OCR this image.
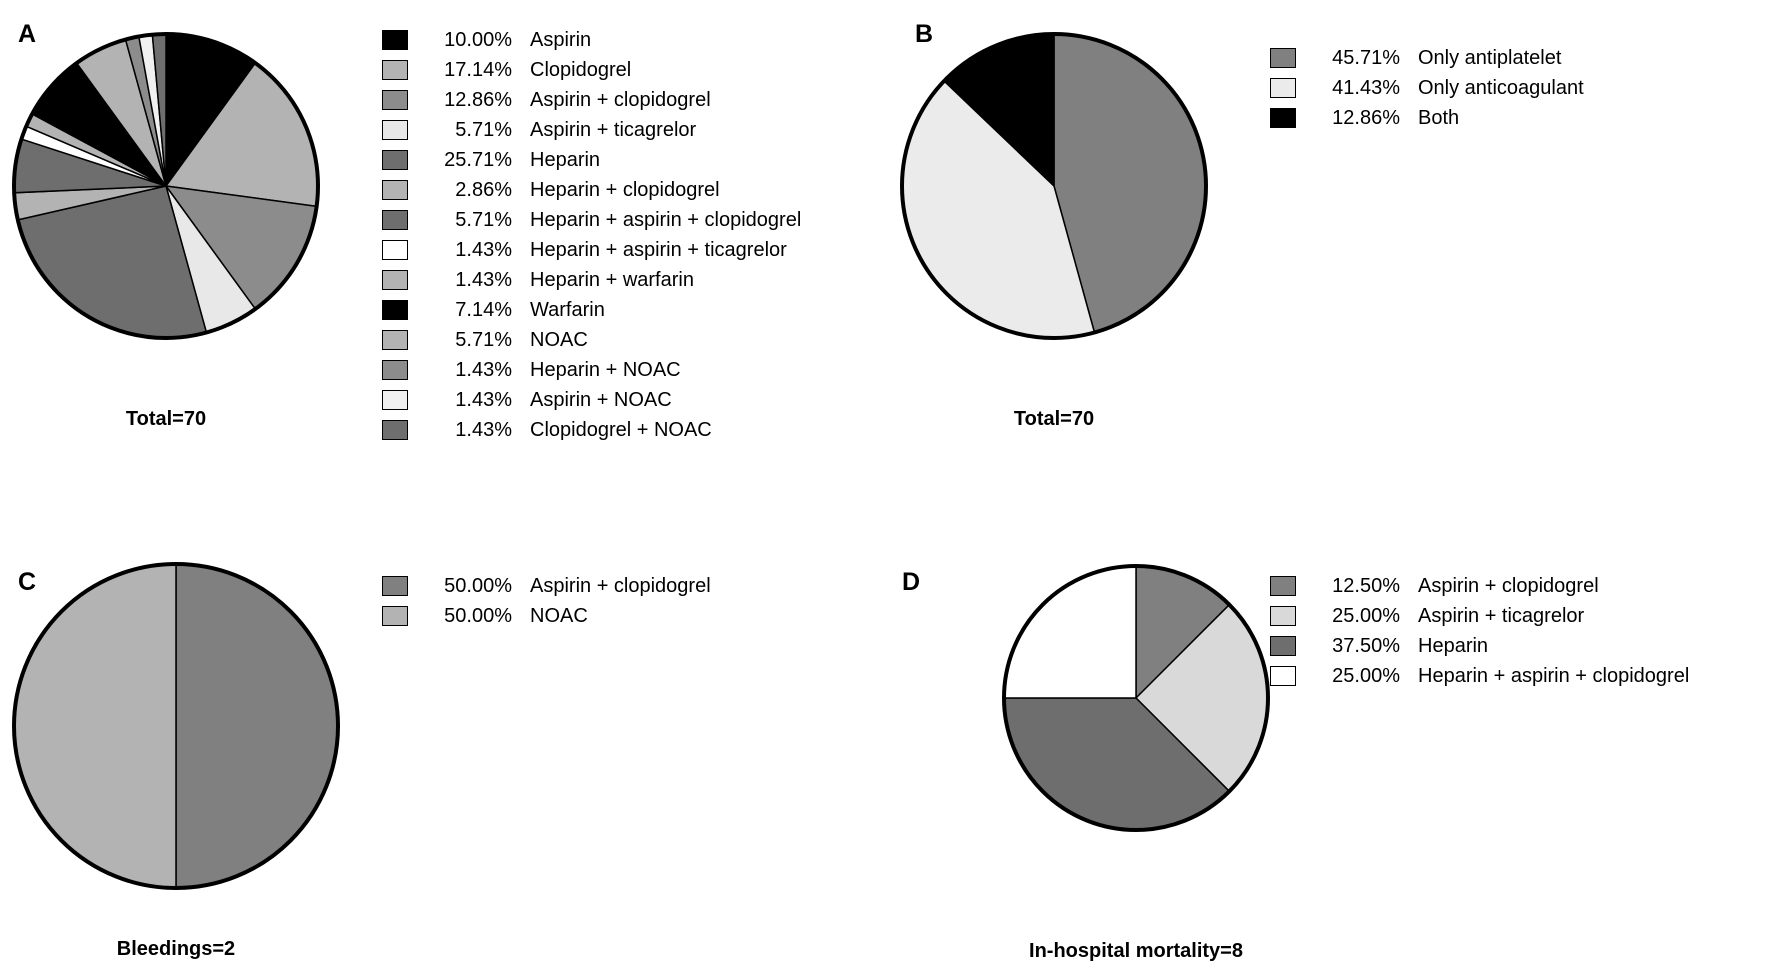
A
Total=70
10.00% Aspirin
17.14% Clopidogrel
12.86% Aspirin + clopidogrel
5.71% Aspirin + ticagrelor
25.71% Heparin
2.86% Heparin + clopidogrel
5.71% Heparin + aspirin + clopidogrel
1.43% Heparin + aspirin + ticagrelor
1.43% Heparin + warfarin
7.14% Warfarin
5.71% NOAC
1.43% Heparin + NOAC
1.43% Aspirin + NOAC
1.43% Clopidogrel + NOAC
B
Total=70
45.71% Only antiplatelet
41.43% Only anticoagulant
12.86% Both
C
Bleedings=2
50.00% Aspirin + clopidogrel
50.00% NOAC
D
In-hospital mortality=8
12.50% Aspirin + clopidogrel
25.00% Aspirin + ticagrelor
37.50% Heparin
25.00% Heparin + aspirin + clopidogrel
